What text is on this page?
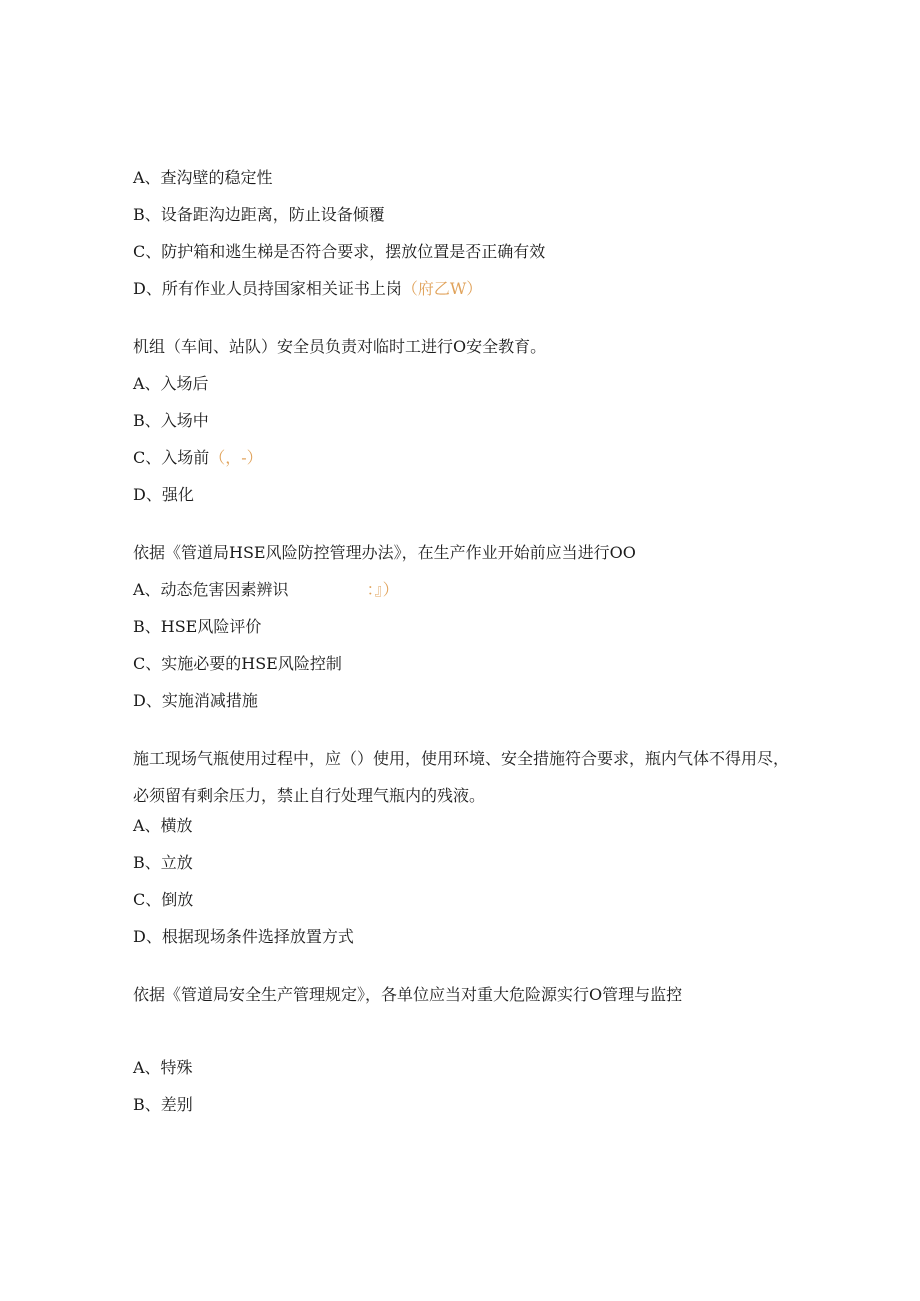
A、查沟壁的稳定性
B、设备距沟边距离，防止设备倾覆
C、防护箱和逃生梯是否符合要求，摆放位置是否正确有效
D、所有作业人员持国家相关证书上岗（府乙W）
机组（车间、站队）安全员负责对临时工进行O安全教育。
A、入场后
B、入场中
C、入场前（，-）
D、强化
依据《管道局HSE风险防控管理办法》，在生产作业开始前应当进行OO
A、动态危害因素辨识	：』）
B、HSE风险评价
C、实施必要的HSE风险控制
D、实施消减措施
施工现场气瓶使用过程中，应（）使用，使用环境、安全措施符合要求，瓶内气体不得用尽，必须留有剩余压力，禁止自行处理气瓶内的残液。
A、横放
B、立放
C、倒放
D、根据现场条件选择放置方式
依据《管道局安全生产管理规定》，各单位应当对重大危险源实行O管理与监控
A、特殊
B、差别
